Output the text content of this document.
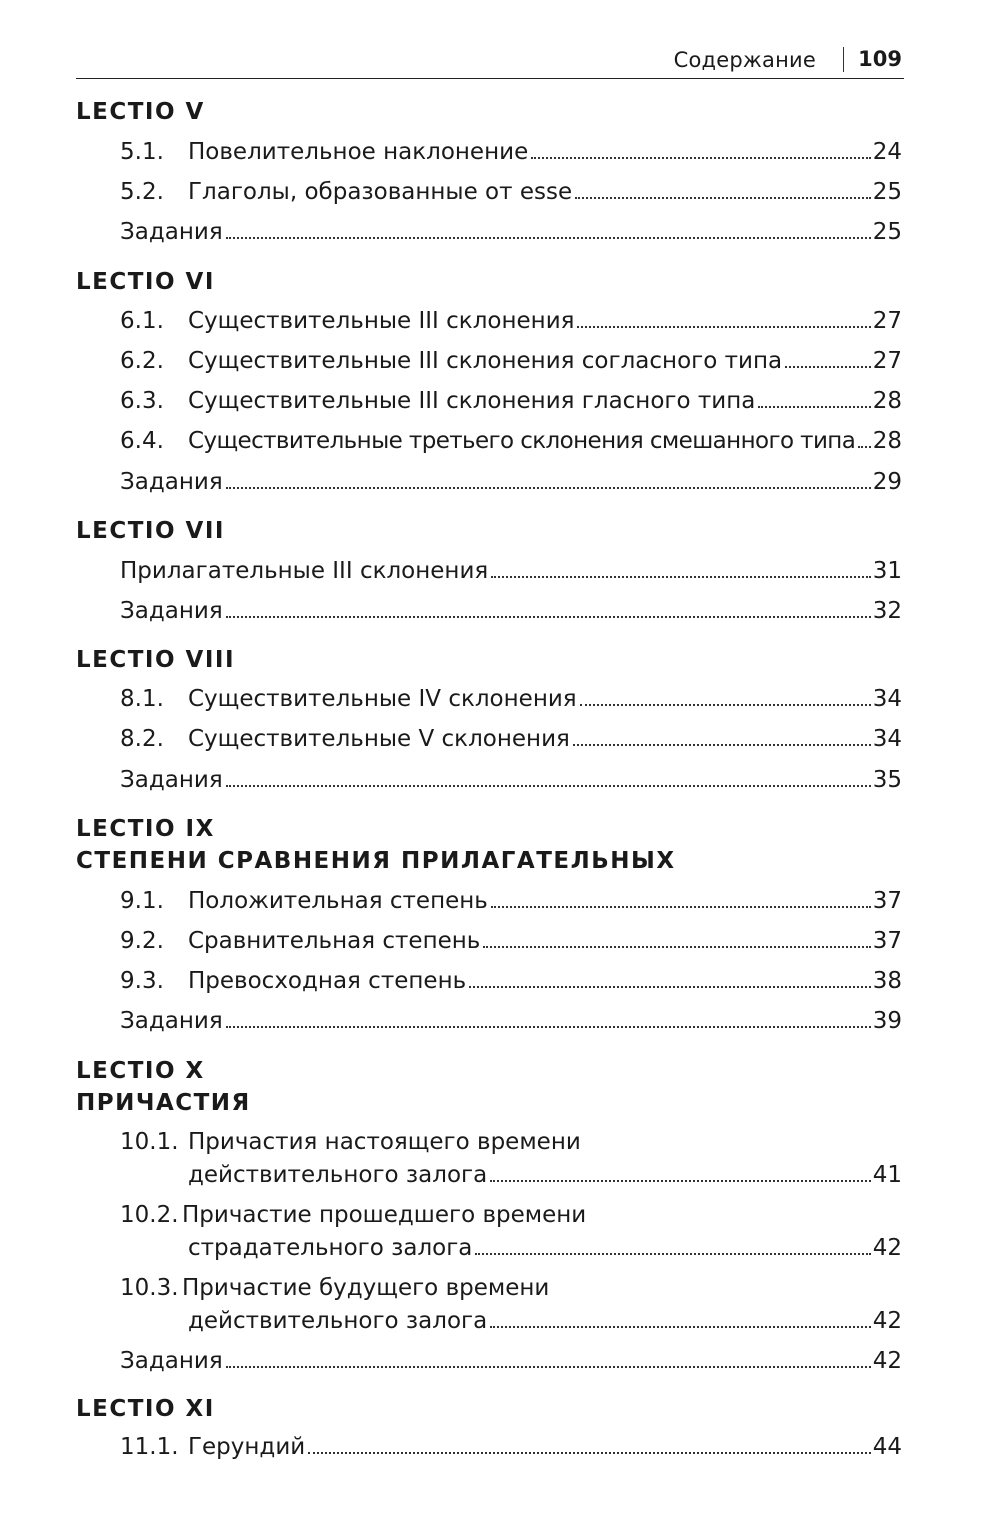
Содержание 109
LECTIO V
5.1. Повелительное наклонение	24
5.2. Глаголы, образованные от esse	25
Задания	25
LECTIO VI
6.1. Существительные III склонения	27
6.2. Существительные III склонения согласного типа	27
6.3. Существительные III склонения гласного типа	28
6.4. Существительные третьего склонения смешанного типа 28
Задания	29
LECTIO VII
Прилагательные III склонения	31
Задания	32
LECTIO VIII
8.1. Существительные IV склонения	34
8.2. Существительные V склонения	34
Задания	35
LECTIO IX
СТЕПЕНИ СРАВНЕНИЯ ПРИЛАГАТЕЛЬНЫХ
9.1. Положительная степень	37
9.2. Сравнительная степень	37
9.3. Превосходная степень	38
Задания	39
LECTIO X
ПРИЧАСТИЯ
10.1. Причастия настоящего времени
действительного залога	41
10.2. Причастие прошедшего времени
страдательного залога	42
10.3. Причастие будущего времени
действительного залога	42
Задания	42
LECTIO XI
11.1. Герундий	44
